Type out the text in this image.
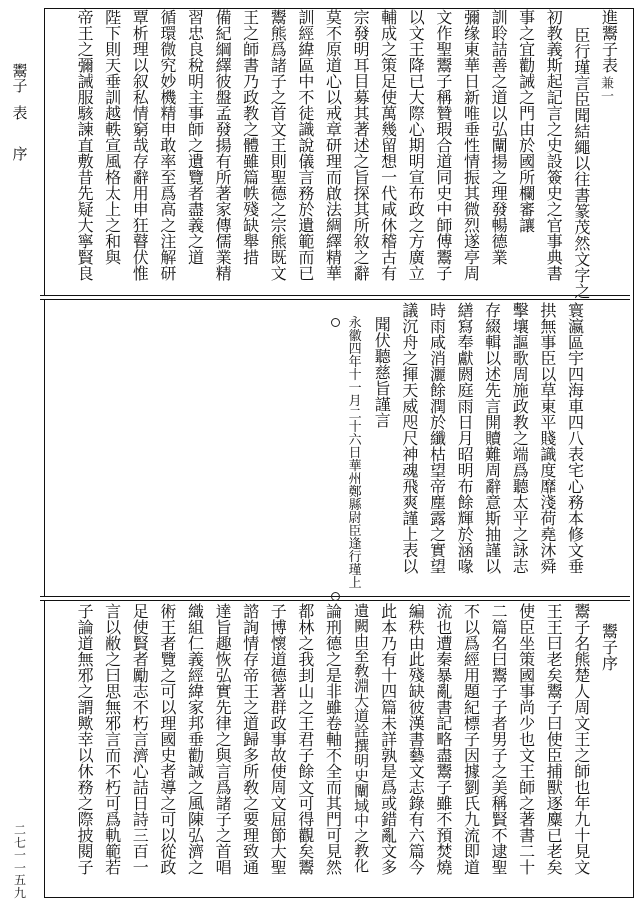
鬻
子
表
序
二
七
一
一
五
九
進
鬻
子
表
臣
行
瑾
言
臣
聞
結
繩
以
往
書
篆
茂
然
文
字
之
初
教
義
斯
起
記
言
之
史
設
簽
史
之
官
事
典
書
事
之
宜
勸
誡
之
門
由
於
國
所
欄
審
讓
訓
聆
詰
善
之
道
以
弘
闡
揚
之
理
發
暢
德
業
彌
缘
東
華
日
新
唯
垂
性
情
振
其
微
烈
遂
亭
周
文
作
聖
鬻
子
稱
贊
瑕
合
道
同
史
中
師
傅
鬻
子
以
文
王
降
已
大
際
心
期
明
宣
布
政
之
方
廣
立
輔
成
之
策
足
使
萬
幾
留
想
一
代
咸
休
稽
古
有
宗
發
明
耳
目
募
其
著
述
之
旨
探
其
所
敘
之
辭
莫
不
原
道
心
以
戒
章
研
理
而
啟
法
綢
繹
精
華
訓
經
緯
區
中
不
徒
識
說
儀
言
務
於
遺
範
而
已
鬻
熊
爲
諸
子
之
首
文
王
則
聖
德
之
宗
熊
既
文
王
之
師
書
乃
政
教
之
體
雖
篇
帙
殘
缺
舉
措
備
紀
綱
繹
彼
盤
孟
發
揚
有
所
著
家
傳
儒
業
精
習
忠
良
稅
明
主
事
師
之
遺
覽
者
盡
義
之
道
循
環
微
究
妙
機
精
申
敢
率
至
爲
高
之
注
解
研
覃
析
理
以
叙
私
情
窮
哉
存
辭
用
申
狂
瞽
伏
惟
陛
下
則
天
垂
訓
越
軼
宣
風
格
太
上
之
和
與
帝
王
之
彌
誡
服
駭
諫
直
敷
昔
先
疑
大
寧
賢
良
兼一
寰
瀛
區
宇
四
海
車
四
八
表
宅
心
務
本
修
文
垂
拱
無
事
臣
以
草
東
平
賤
識
度
靡
淺
荷
堯
沐
舜
擊
壤
謳
歌
周
施
政
教
之
端
爲
聽
太
平
之
詠
志
存
綴
輯
以
述
先
言
開
贖
難
周
辭
意
斯
抽
謹
以
繕
寫
奉
獻
閼
庭
雨
日
月
昭
明
布
餘
輝
於
涵
喙
時
雨
咸
消
灑
餘
潤
於
纖
枯
望
帝
塵
露
之
實
望
議
沉
舟
之
揮
天
威
咫
尺
神
魂
飛
爽
謹
上
表
以
聞
伏
聽
慈
旨
謹
言
永
徽
四
年
十
一
月
二
十
六
日
華
州
鄭
縣
尉
臣
逢
行
瑾
上
鬻
子
序
鬻
子
名
熊
楚
人
周
文
王
之
師
也
年
九
十
見
文
王
王
曰
老
矣
鬻
子
曰
使
臣
捕
獸
逐
麋
已
老
矣
使
臣
坐
策
國
事
尚
少
也
文
王
師
之
著
書
二
十
二
篇
名
曰
鬻
子
子
者
男
子
之
美
稱
賢
不
逮
聖
不
以
爲
經
用
題
紀
標
子
因
據
劉
氏
九
流
即
道
流
也
遭
秦
暴
亂
書
記
略
盡
鬻
子
雖
不
預
焚
燒
編
秩
由
此
殘
缺
彼
漢
書
藝
文
志
錄
有
六
篇
今
此
本
乃
有
十
四
篇
未
詳
孰
是
爲
或
錯
亂
文
多
遺
闕
由
至
敎
淵
大
道
詮
撰
明
史
闡
域
中
之
教
化
論
刑
德
之
是
非
雖
卷
軸
不
全
而
其
門
可
見
然
都
林
之
我
刲
山
之
王
君
子
餘
文
可
得
觀
矣
鬻
子
博
懷
道
德
著
群
政
事
故
使
周
文
屈
節
大
聖
諮
詢
情
存
帝
王
之
道
歸
多
所
敎
之
要
理
致
通
達
旨
趣
恢
弘
實
先
律
之
與
言
爲
諸
子
之
首
唱
織
組
仁
義
經
緯
家
邦
垂
勸
誠
之
風
陳
弘
濟
之
術
王
者
覽
之
可
以
理
國
史
者
導
之
可
以
從
政
足
使
賢
者
勵
志
不
朽
言
濟
心
詰
日
詩
三
百
一
言
以
敝
之
曰
思
無
邪
言
而
不
朽
可
爲
軌
範
若
子
論
道
無
邪
之
謂
歟
幸
以
休
務
之
際
披
閱
子
